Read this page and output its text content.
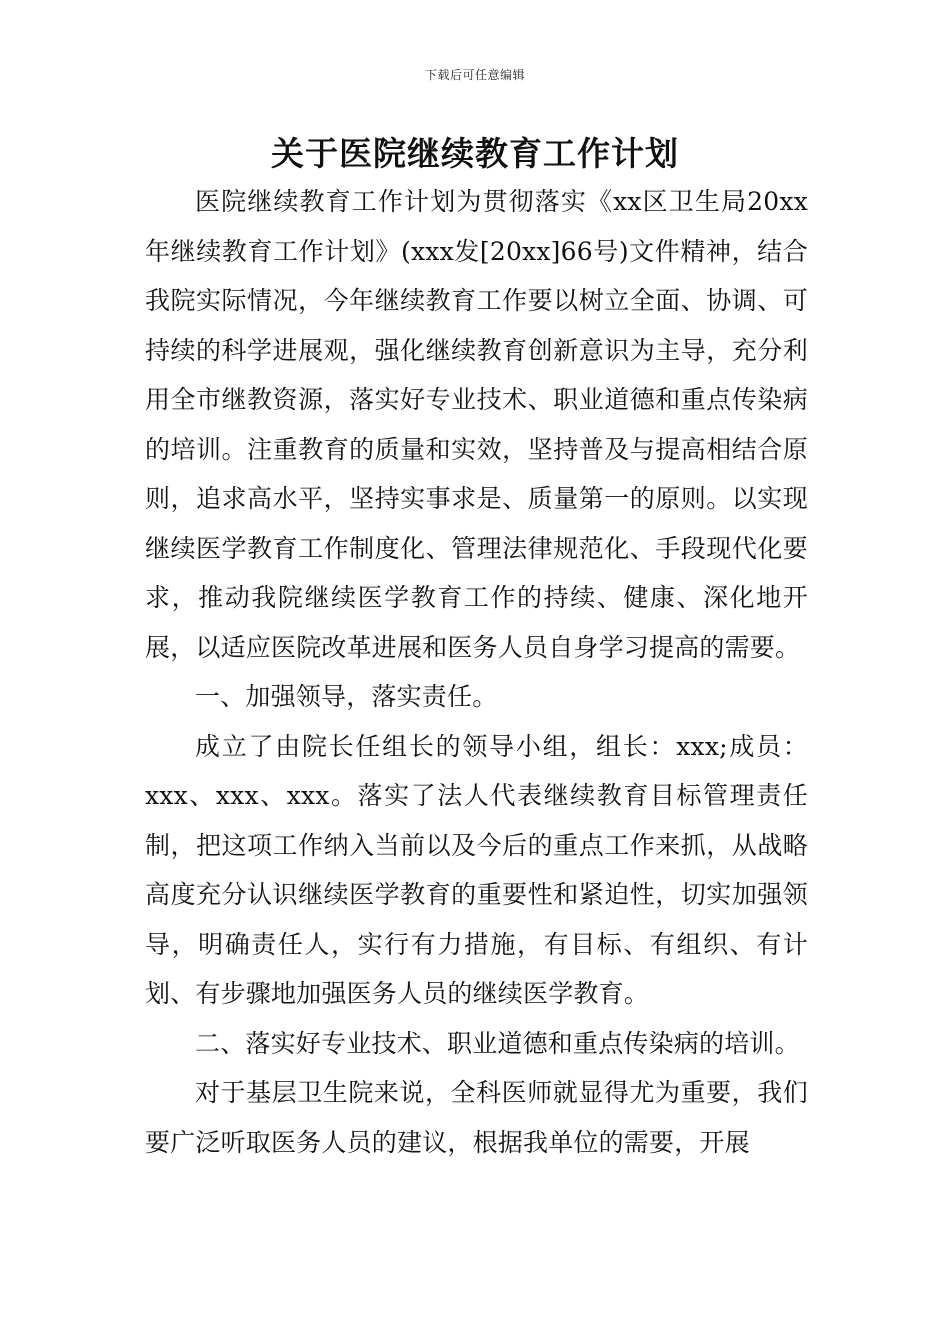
下载后可任意编辑
关于医院继续教育工作计划

医院继续教育工作计划为贯彻落实《xx区卫生局20xx年继续教育工作计划》(xxx发[20xx]66号)文件精神，结合我院实际情况，今年继续教育工作要以树立全面、协调、可持续的科学进展观，强化继续教育创新意识为主导，充分利用全市继教资源，落实好专业技术、职业道德和重点传染病的培训。注重教育的质量和实效，坚持普及与提高相结合原则，追求高水平，坚持实事求是、质量第一的原则。以实现继续医学教育工作制度化、管理法律规范化、手段现代化要求，推动我院继续医学教育工作的持续、健康、深化地开展，以适应医院改革进展和医务人员自身学习提高的需要。

一、加强领导，落实责任。

成立了由院长任组长的领导小组，组长：xxx;成员：xxx、xxx、xxx。落实了法人代表继续教育目标管理责任制，把这项工作纳入当前以及今后的重点工作来抓，从战略高度充分认识继续医学教育的重要性和紧迫性，切实加强领导，明确责任人，实行有力措施，有目标、有组织、有计划、有步骤地加强医务人员的继续医学教育。

二、落实好专业技术、职业道德和重点传染病的培训。

对于基层卫生院来说，全科医师就显得尤为重要，我们要广泛听取医务人员的建议，根据我单位的需要，开展
